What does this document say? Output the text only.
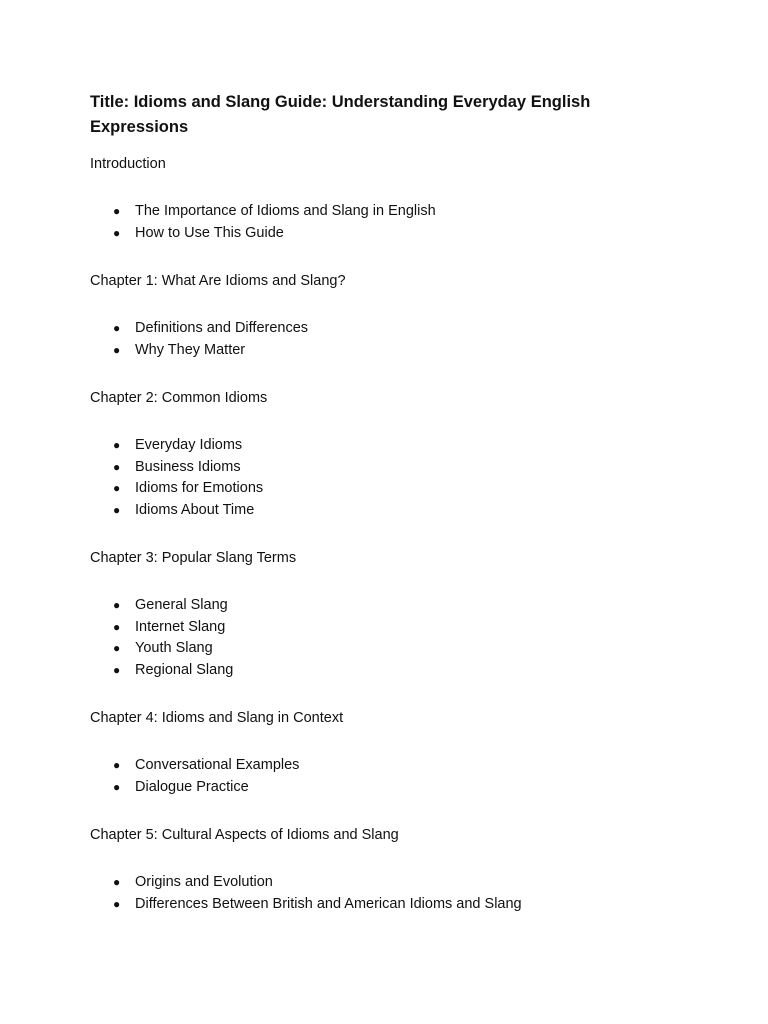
Title: Idioms and Slang Guide: Understanding Everyday English Expressions

Introduction

● The Importance of Idioms and Slang in English
● How to Use This Guide

Chapter 1: What Are Idioms and Slang?

● Definitions and Differences
● Why They Matter

Chapter 2: Common Idioms

● Everyday Idioms
● Business Idioms
● Idioms for Emotions
● Idioms About Time

Chapter 3: Popular Slang Terms

● General Slang
● Internet Slang
● Youth Slang
● Regional Slang

Chapter 4: Idioms and Slang in Context

● Conversational Examples
● Dialogue Practice

Chapter 5: Cultural Aspects of Idioms and Slang

● Origins and Evolution
● Differences Between British and American Idioms and Slang
